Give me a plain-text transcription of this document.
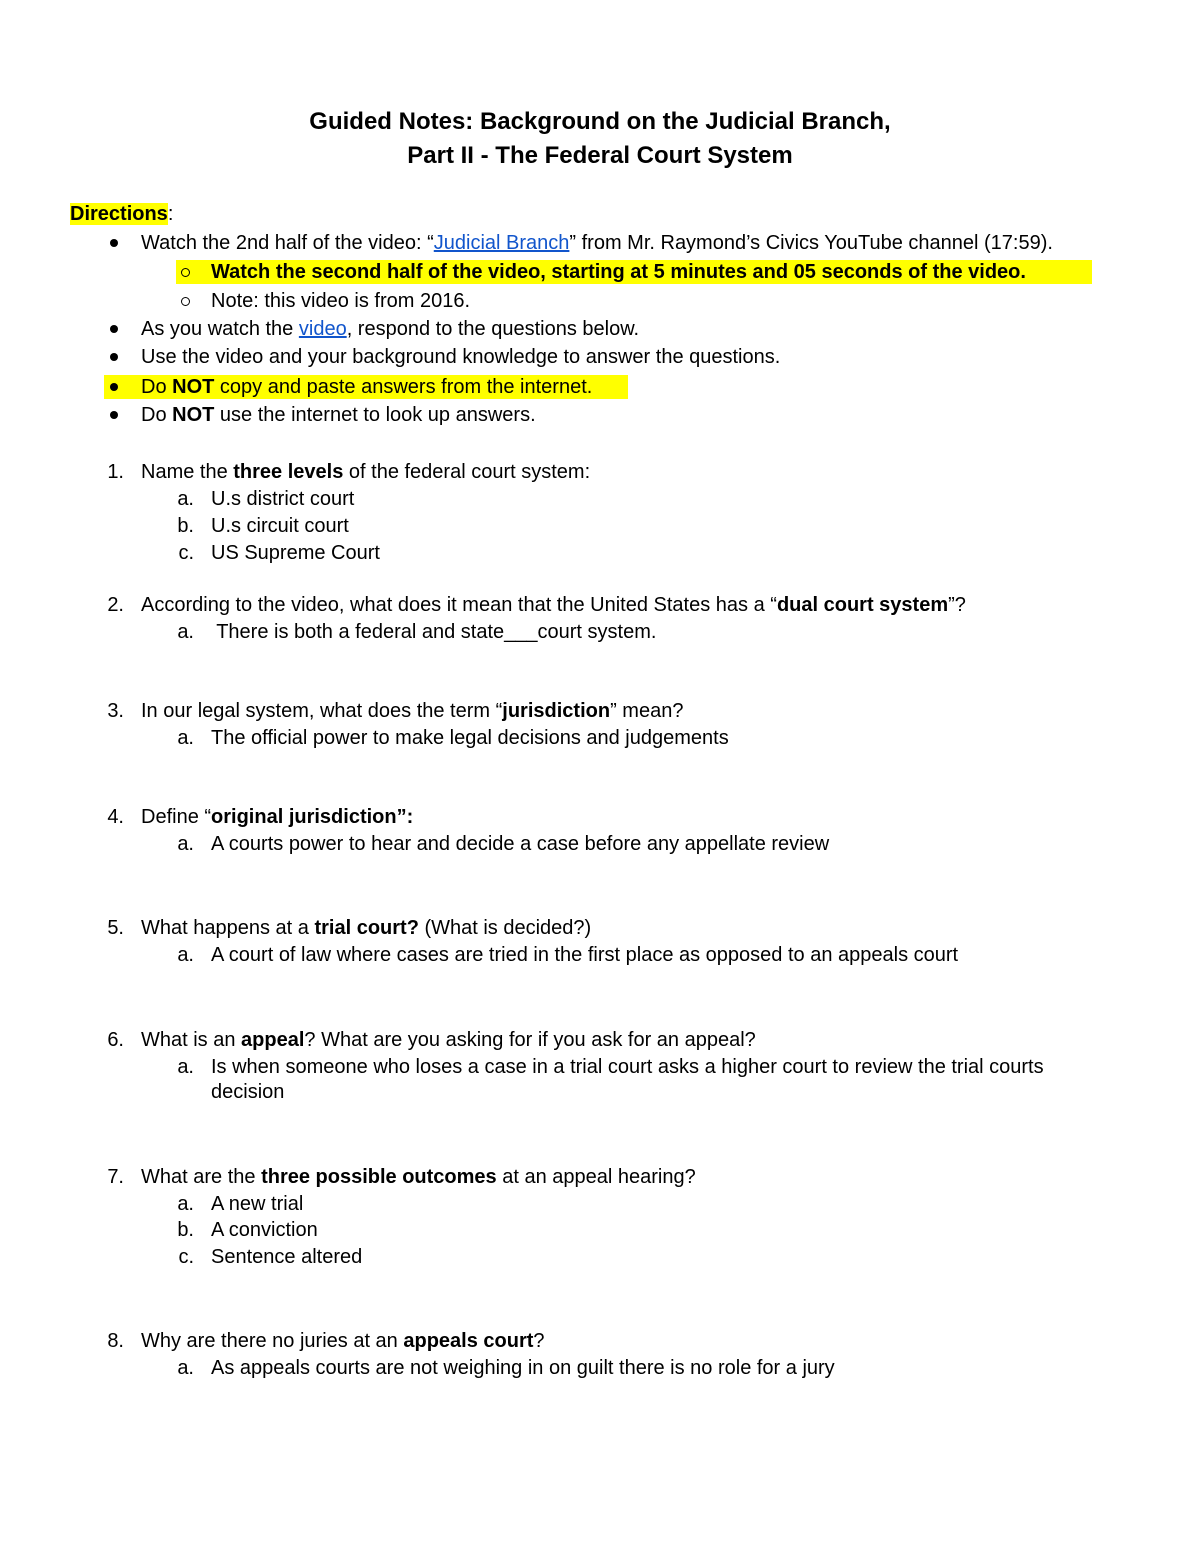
Guided Notes: Background on the Judicial Branch,
Part II - The Federal Court System
Directions:
Watch the 2nd half of the video: “Judicial Branch” from Mr. Raymond’s Civics YouTube channel (17:59).
Watch the second half of the video, starting at 5 minutes and 05 seconds of the video.
Note: this video is from 2016.
As you watch the video, respond to the questions below.
Use the video and your background knowledge to answer the questions.
Do NOT copy and paste answers from the internet.
Do NOT use the internet to look up answers.
1. Name the three levels of the federal court system:
a. U.s district court
b. U.s circuit court
c. US Supreme Court
2. According to the video, what does it mean that the United States has a “dual court system”?
a. There is both a federal and state___court system.
3. In our legal system, what does the term “jurisdiction” mean?
a. The official power to make legal decisions and judgements
4. Define “original jurisdiction”:
a. A courts power to hear and decide a case before any appellate review
5. What happens at a trial court? (What is decided?)
a. A court of law where cases are tried in the first place as opposed to an appeals court
6. What is an appeal? What are you asking for if you ask for an appeal?
a. Is when someone who loses a case in a trial court asks a higher court to review the trial courts
decision
7. What are the three possible outcomes at an appeal hearing?
a. A new trial
b. A conviction
c. Sentence altered
8. Why are there no juries at an appeals court?
a. As appeals courts are not weighing in on guilt there is no role for a jury
